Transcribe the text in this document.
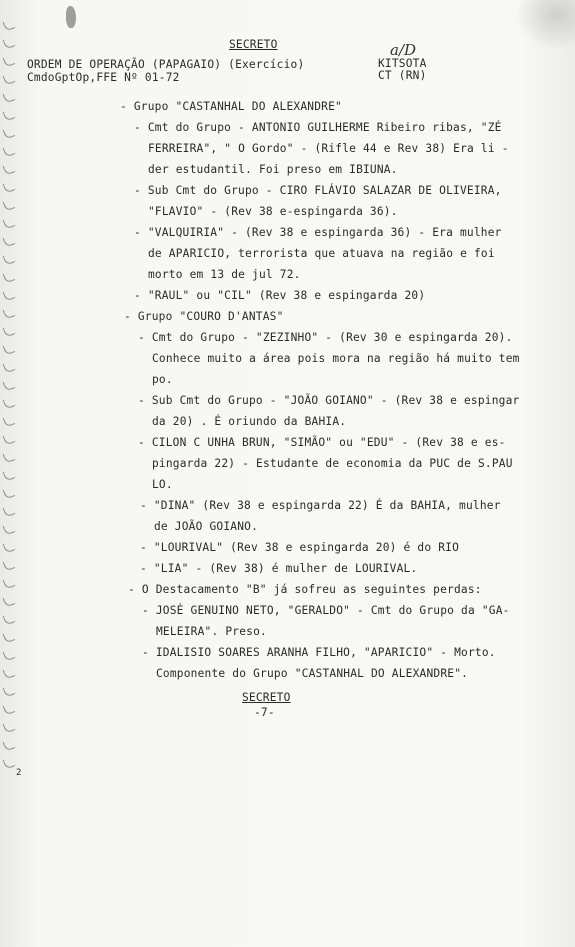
SECRETO
ORDEM DE OPERAÇÃO (PAPAGAIO) (Exercício)
CmdoGptOp,FFE Nº 01-72
a/D
KITSOTA
CT (RN)
- Grupo "CASTANHAL DO ALEXANDRE"
- Cmt do Grupo - ANTONIO GUILHERME Ribeiro ribas, "ZÉ
FERREIRA", " O Gordo" - (Rifle 44 e Rev 38) Era li -
der estudantil. Foi preso em IBIUNA.
- Sub Cmt do Grupo - CIRO FLÁVIO SALAZAR DE OLIVEIRA,
"FLAVIO" - (Rev 38 e-espingarda 36).
- "VALQUIRIA" - (Rev 38 e espingarda 36) - Era mulher
de APARICIO, terrorista que atuava na região e foi
morto em 13 de jul 72.
- "RAUL" ou "CIL" (Rev 38 e espingarda 20)
- Grupo "COURO D'ANTAS"
- Cmt do Grupo - "ZEZINHO" - (Rev 30 e espingarda 20).
Conhece muito a área pois mora na região há muito tem
po.
- Sub Cmt do Grupo - "JOÃO GOIANO" - (Rev 38 e espingar
da 20) . É oriundo da BAHIA.
- CILON C UNHA BRUN, "SIMÃO" ou "EDU" - (Rev 38 e es-
pingarda 22) - Estudante de economia da PUC de S.PAU
LO.
- "DINA" (Rev 38 e espingarda 22) É da BAHIA, mulher
de JOÃO GOIANO.
- "LOURIVAL" (Rev 38 e espingarda 20) é do RIO
- "LIA" - (Rev 38) é mulher de LOURIVAL.
- O Destacamento "B" já sofreu as seguintes perdas:
- JOSÉ GENUINO NETO, "GERALDO" - Cmt do Grupo da "GA-
MELEIRA". Preso.
- IDALISIO SOARES ARANHA FILHO, "APARICIO" - Morto.
Componente do Grupo "CASTANHAL DO ALEXANDRE".
SECRETO
-7-
2
